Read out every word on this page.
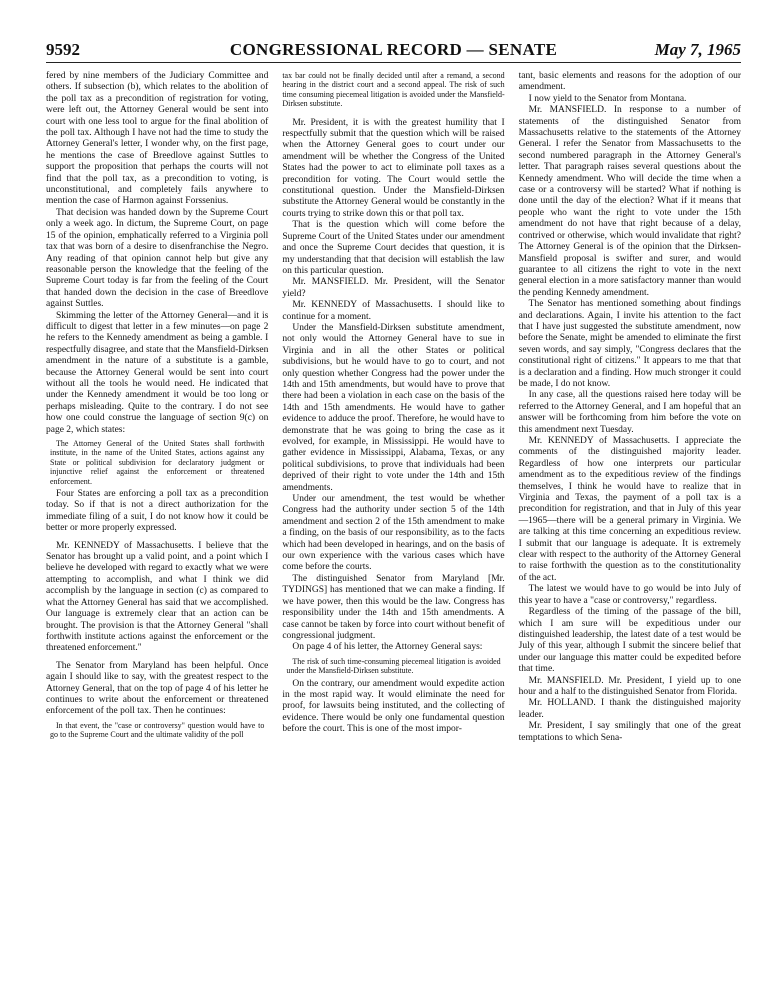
9592	CONGRESSIONAL RECORD — SENATE	May 7, 1965

fered by nine members of the Judiciary Committee and others. If subsection (b), which relates to the abolition of the poll tax as a precondition of registration for voting, were left out, the Attorney General would be sent into court with one less tool to argue for the final abolition of the poll tax. Although I have not had the time to study the Attorney General's letter, I wonder why, on the first page, he mentions the case of Breedlove against Suttles to support the proposition that perhaps the courts will not find that the poll tax, as a precondition to voting, is unconstitutional, and completely fails anywhere to mention the case of Harmon against Forssenius.

That decision was handed down by the Supreme Court only a week ago. In dictum, the Supreme Court, on page 15 of the opinion, emphatically referred to a Virginia poll tax that was born of a desire to disenfranchise the Negro. Any reading of that opinion cannot help but give any reasonable person the knowledge that the feeling of the Supreme Court today is far from the feeling of the Court that handed down the decision in the case of Breedlove against Suttles.

Skimming the letter of the Attorney General—and it is difficult to digest that letter in a few minutes—on page 2 he refers to the Kennedy amendment as being a gamble. I respectfully disagree, and state that the Mansfield-Dirksen amendment in the nature of a substitute is a gamble, because the Attorney General would be sent into court without all the tools he would need. He indicated that under the Kennedy amendment it would be too long or perhaps misleading. Quite to the contrary. I do not see how one could construe the language of section 9(c) on page 2, which states:

The Attorney General of the United States shall forthwith institute, in the name of the United States, actions against any State or political subdivision for declaratory judgment or injunctive relief against the enforcement or threatened enforcement.

Four States are enforcing a poll tax as a precondition today. So if that is not a direct authorization for the immediate filing of a suit, I do not know how it could be better or more properly expressed.

Mr. KENNEDY of Massachusetts. I believe that the Senator has brought up a valid point, and a point which I believe he developed with regard to exactly what we were attempting to accomplish, and what I think we did accomplish by the language in section (c) as compared to what the Attorney General has said that we accomplished. Our language is extremely clear that an action can be brought. The provision is that the Attorney General "shall forthwith institute actions against the enforcement or the threatened enforcement."

The Senator from Maryland has been helpful. Once again I should like to say, with the greatest respect to the Attorney General, that on the top of page 4 of his letter he continues to write about the enforcement or threatened enforcement of the poll tax. Then he continues:

In that event, the "case or controversy" question would have to go to the Supreme Court and the ultimate validity of the poll

tax bar could not be finally decided until after a remand, a second hearing in the district court and a second appeal. The risk of such time consuming piecemeal litigation is avoided under the Mansfield-Dirksen substitute.

Mr. President, it is with the greatest humility that I respectfully submit that the question which will be raised when the Attorney General goes to court under our amendment will be whether the Congress of the United States had the power to act to eliminate poll taxes as a precondition for voting. The Court would settle the constitutional question. Under the Mansfield-Dirksen substitute the Attorney General would be constantly in the courts trying to strike down this or that poll tax.

That is the question which will come before the Supreme Court of the United States under our amendment and once the Supreme Court decides that question, it is my understanding that that decision will establish the law on this particular question.

Mr. MANSFIELD. Mr. President, will the Senator yield?

Mr. KENNEDY of Massachusetts. I should like to continue for a moment.

Under the Mansfield-Dirksen substitute amendment, not only would the Attorney General have to sue in Virginia and in all the other States or political subdivisions, but he would have to go to court, and not only question whether Congress had the power under the 14th and 15th amendments, but would have to prove that there had been a violation in each case on the basis of the 14th and 15th amendments. He would have to gather evidence to adduce the proof. Therefore, he would have to demonstrate that he was going to bring the case as it evolved, for example, in Mississippi. He would have to gather evidence in Mississippi, Alabama, Texas, or any political subdivisions, to prove that individuals had been deprived of their right to vote under the 14th and 15th amendments.

Under our amendment, the test would be whether Congress had the authority under section 5 of the 14th amendment and section 2 of the 15th amendment to make a finding, on the basis of our responsibility, as to the facts which had been developed in hearings, and on the basis of our own experience with the various cases which have come before the courts.

The distinguished Senator from Maryland [Mr. TYDINGS] has mentioned that we can make a finding. If we have power, then this would be the law. Congress has responsibility under the 14th and 15th amendments. A case cannot be taken by force into court without benefit of congressional judgment.

On page 4 of his letter, the Attorney General says:

The risk of such time-consuming piecemeal litigation is avoided under the Mansfield-Dirksen substitute.

On the contrary, our amendment would expedite action in the most rapid way. It would eliminate the need for proof, for lawsuits being instituted, and the collecting of evidence. There would be only one fundamental question before the court. This is one of the most impor-

tant, basic elements and reasons for the adoption of our amendment.

I now yield to the Senator from Montana.

Mr. MANSFIELD. In response to a number of statements of the distinguished Senator from Massachusetts relative to the statements of the Attorney General. I refer the Senator from Massachusetts to the second numbered paragraph in the Attorney General's letter. That paragraph raises several questions about the Kennedy amendment. Who will decide the time when a case or a controversy will be started? What if nothing is done until the day of the election? What if it means that people who want the right to vote under the 15th amendment do not have that right because of a delay, contrived or otherwise, which would invalidate that right? The Attorney General is of the opinion that the Dirksen-Mansfield proposal is swifter and surer, and would guarantee to all citizens the right to vote in the next general election in a more satisfactory manner than would the pending Kennedy amendment.

The Senator has mentioned something about findings and declarations. Again, I invite his attention to the fact that I have just suggested the substitute amendment, now before the Senate, might be amended to eliminate the first seven words, and say simply, "Congress declares that the constitutional right of citizens." It appears to me that that is a declaration and a finding. How much stronger it could be made, I do not know.

In any case, all the questions raised here today will be referred to the Attorney General, and I am hopeful that an answer will be forthcoming from him before the vote on this amendment next Tuesday.

Mr. KENNEDY of Massachusetts. I appreciate the comments of the distinguished majority leader. Regardless of how one interprets our particular amendment as to the expeditious review of the findings themselves, I think he would have to realize that in Virginia and Texas, the payment of a poll tax is a precondition for registration, and that in July of this year—1965—there will be a general primary in Virginia. We are talking at this time concerning an expeditious review. I submit that our language is adequate. It is extremely clear with respect to the authority of the Attorney General to raise forthwith the question as to the constitutionality of the act.

The latest we would have to go would be into July of this year to have a "case or controversy," regardless.

Regardless of the timing of the passage of the bill, which I am sure will be expeditious under our distinguished leadership, the latest date of a test would be July of this year, although I submit the sincere belief that under our language this matter could be expedited before that time.

Mr. MANSFIELD. Mr. President, I yield up to one hour and a half to the distinguished Senator from Florida.

Mr. HOLLAND. I thank the distinguished majority leader.

Mr. President, I say smilingly that one of the great temptations to which Sena-
